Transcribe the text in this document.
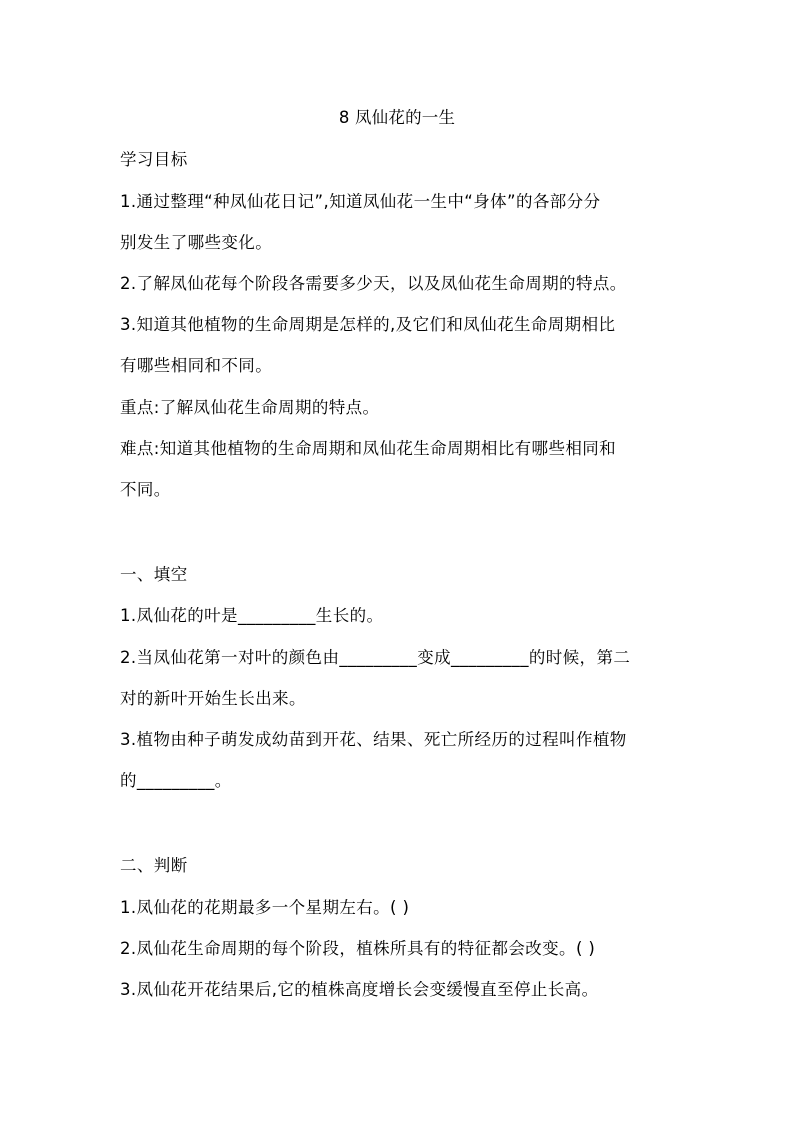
8 凤仙花的一生
学习目标
1.通过整理“种凤仙花日记”,知道凤仙花一生中“身体”的各部分分
别发生了哪些变化。
2.了解凤仙花每个阶段各需要多少天，以及凤仙花生命周期的特点。
3.知道其他植物的生命周期是怎样的,及它们和凤仙花生命周期相比
有哪些相同和不同。
重点:了解凤仙花生命周期的特点。
难点:知道其他植物的生命周期和凤仙花生命周期相比有哪些相同和
不同。
一、填空
1.凤仙花的叶是_________生长的。
2.当凤仙花第一对叶的颜色由_________变成_________的时候，第二
对的新叶开始生长出来。
3.植物由种子萌发成幼苗到开花、结果、死亡所经历的过程叫作植物
的_________。
二、判断
1.凤仙花的花期最多一个星期左右。( )
2.凤仙花生命周期的每个阶段，植株所具有的特征都会改变。( )
3.凤仙花开花结果后,它的植株高度增长会变缓慢直至停止长高。
